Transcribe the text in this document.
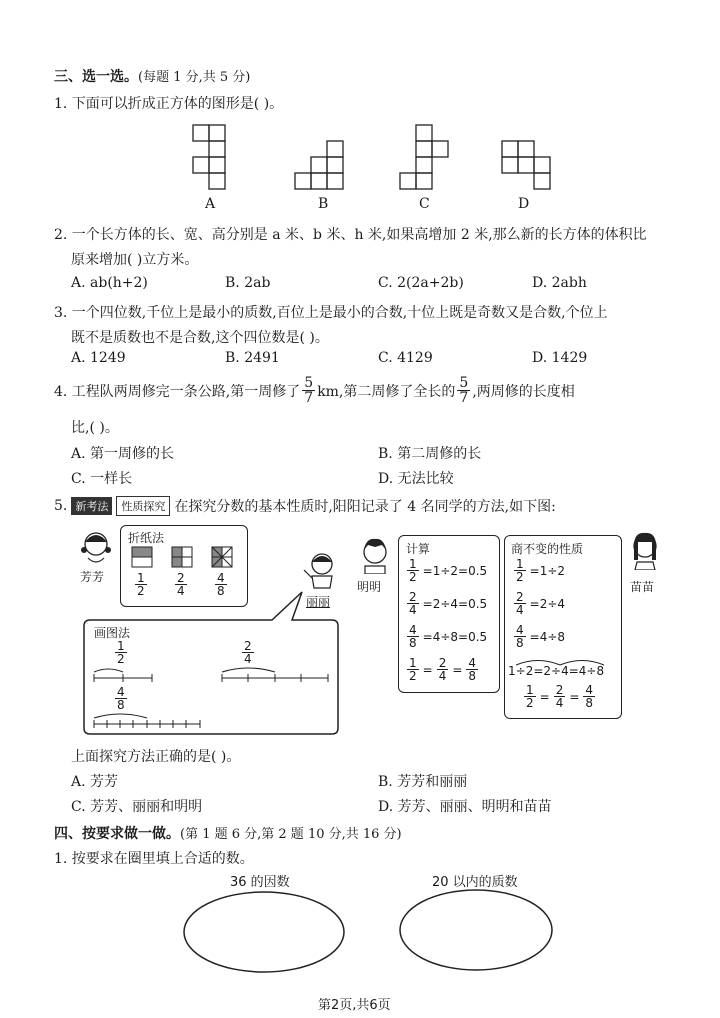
三、选一选。(每题 1 分,共 5 分)
1. 下面可以折成正方体的图形是( )。
A	B	C	D
2. 一个长方体的长、宽、高分别是 a 米、b 米、h 米,如果高增加 2 米,那么新的长方体的体积比
原来增加( )立方米。
A. ab(h+2)	B. 2ab	C. 2(2a+2b)	D. 2abh
3. 一个四位数,千位上是最小的质数,百位上是最小的合数,十位上既是奇数又是合数,个位上
既不是质数也不是合数,这个四位数是( )。
A. 1249	B. 2491	C. 4129	D. 1429
4. 工程队两周修完一条公路,第一周修了 $\frac{5}{7}$ km,第二周修了全长的 $\frac{5}{7}$ ,两周修的长度相
比,( )。
A. 第一周修的长	B. 第二周修的长
C. 一样长	D. 无法比较
5. 新考法	性质探究 在探究分数的基本性质时,阳阳记录了 4 名同学的方法,如下图:
芳芳
折纸法
$\frac{1}{2} \frac{2}{4} \frac{4}{8}$
丽丽
画图法
$\frac{1}{2}$	$\frac{2}{4}$
$\frac{4}{8}$
明明
计算
$\frac{1}{2} =1\div 2=0.5$
$\frac{2}{4} =2\div 4=0.5$
$\frac{4}{8} =4\div 8=0.5$
$\frac{1}{2} = \frac{2}{4} = \frac{4}{8}$
商不变的性质
$\frac{1}{2} =1\div 2$
$\frac{2}{4} =2\div 4$
$\frac{4}{8} =4\div 8$
1÷2=2÷4=4÷8
$\frac{1}{2} = \frac{2}{4} = \frac{4}{8}$
苗苗
上面探究方法正确的是( )。
A. 芳芳	B. 芳芳和丽丽
C. 芳芳、丽丽和明明	D. 芳芳、丽丽、明明和苗苗
四、按要求做一做。(第 1 题 6 分,第 2 题 10 分,共 16 分)
1. 按要求在圈里填上合适的数。
36 的因数	20 以内的质数
第2页,共6页
